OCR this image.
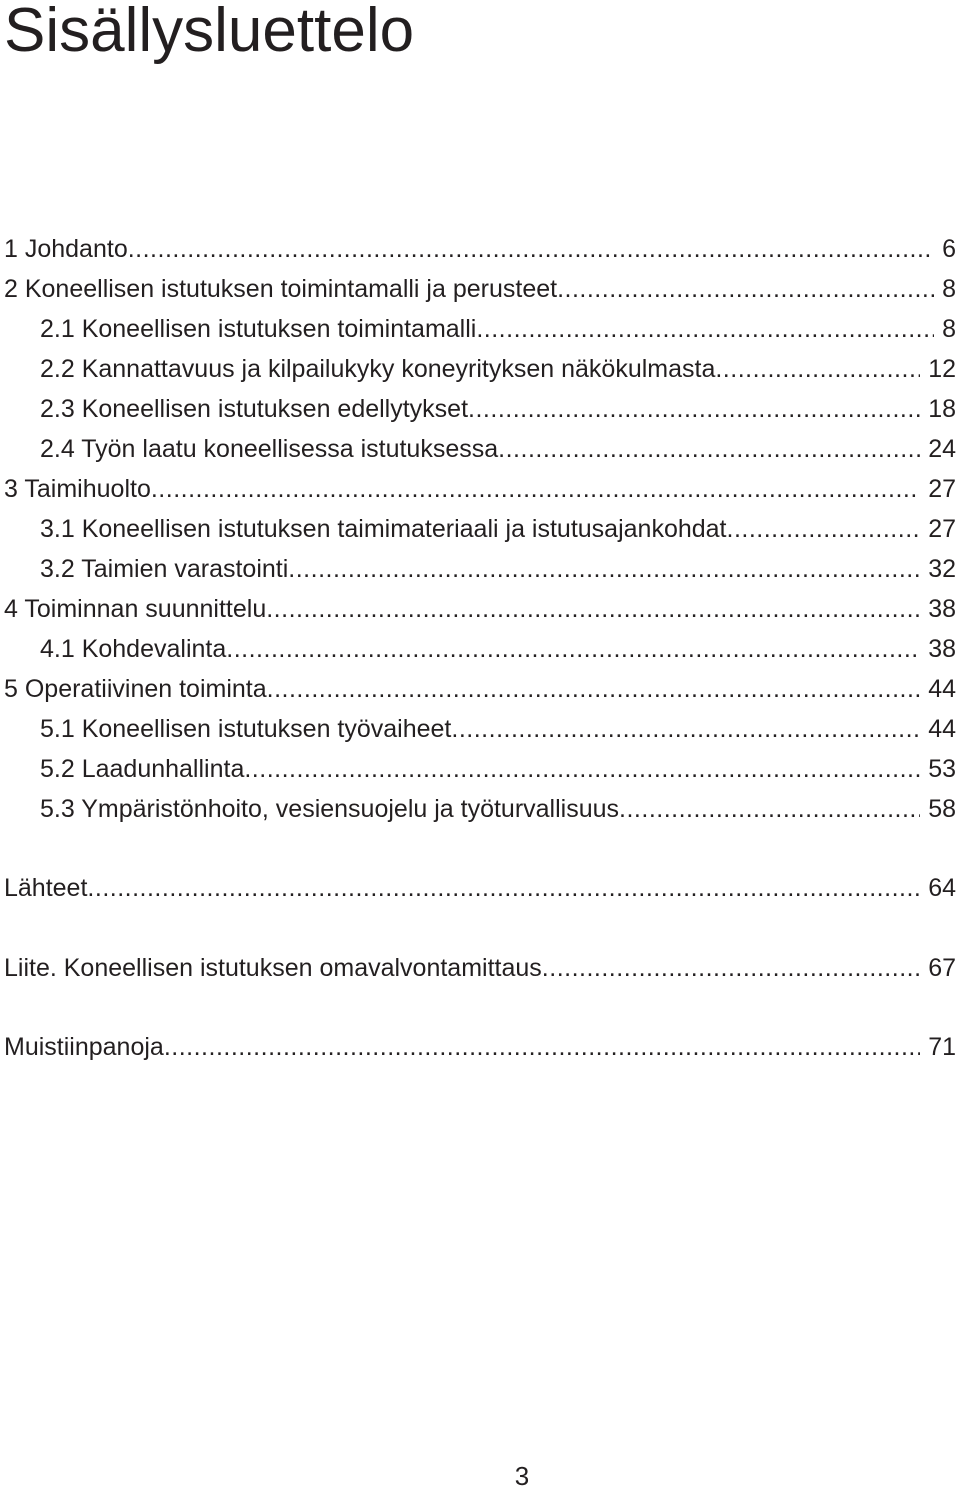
Sisällysluettelo
1 Johdanto .....	6
2 Koneellisen istutuksen toimintamalli ja perusteet .....	8
2.1 Koneellisen istutuksen toimintamalli .....	8
2.2 Kannattavuus ja kilpailukyky koneyrityksen näkökulmasta .....	12
2.3 Koneellisen istutuksen edellytykset .....	18
2.4 Työn laatu koneellisessa istutuksessa .....	24
3 Taimihuolto .....	27
3.1 Koneellisen istutuksen taimimateriaali ja istutusajankohdat .....	27
3.2 Taimien varastointi .....	32
4 Toiminnan suunnittelu .....	38
4.1 Kohdevalinta .....	38
5 Operatiivinen toiminta .....	44
5.1 Koneellisen istutuksen työvaiheet .....	44
5.2 Laadunhallinta .....	53
5.3 Ympäristönhoito, vesiensuojelu ja työturvallisuus .....	58
Lähteet .....	64
Liite. Koneellisen istutuksen omavalvontamittaus .....	67
Muistiinpanoja .....	71
3
